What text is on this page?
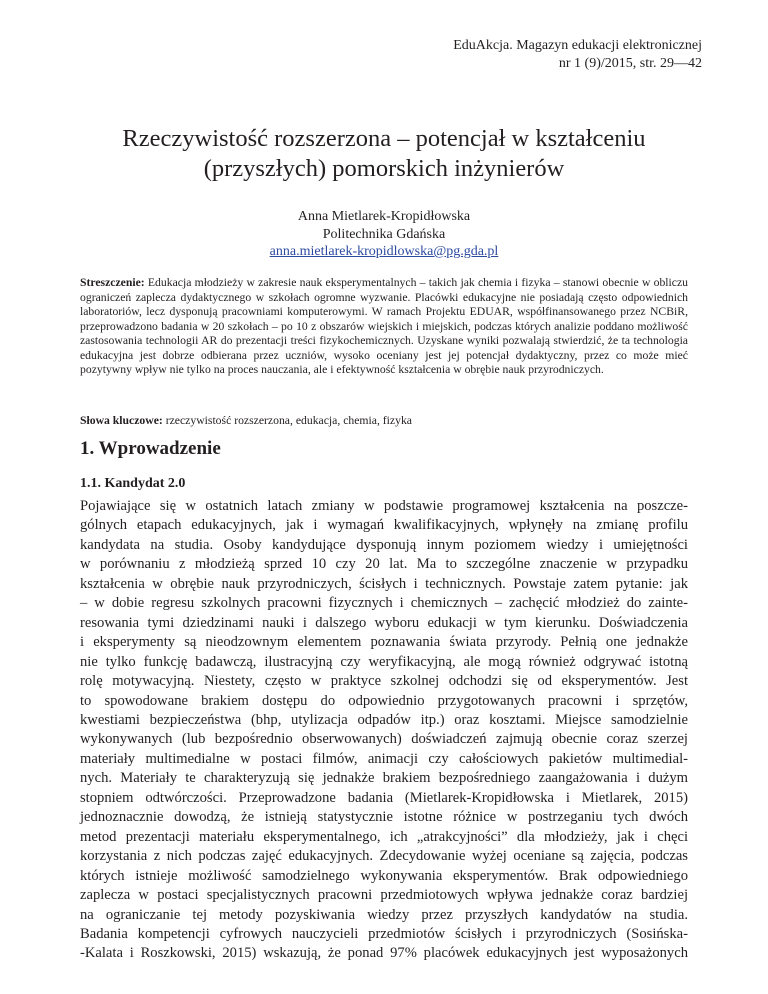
EduAkcja. Magazyn edukacji elektronicznej
nr 1 (9)/2015, str. 29—42
Rzeczywistość rozszerzona – potencjał w kształceniu
(przyszłych) pomorskich inżynierów
Anna Mietlarek-Kropidłowska
Politechnika Gdańska
anna.mietlarek-kropidlowska@pg.gda.pl
Streszczenie: Edukacja młodzieży w zakresie nauk eksperymentalnych – takich jak chemia i fizyka – stanowi obecnie w obliczu ograniczeń zaplecza dydaktycznego w szkołach ogromne wyzwanie. Placówki edukacyjne nie posiadają często odpowiednich laboratoriów, lecz dysponują pracowniami komputerowymi. W ramach Projektu EDUAR, współfinansowanego przez NCBiR, przeprowadzono badania w 20 szkołach – po 10 z obszarów wiejskich i miejskich, podczas których analizie poddano możliwość zastosowania technologii AR do prezentacji treści fizykochemicznych. Uzyskane wyniki pozwalają stwierdzić, że ta technologia edukacyjna jest dobrze odbierana przez uczniów, wysoko oceniany jest jej potencjał dydaktyczny, przez co może mieć pozytywny wpływ nie tylko na proces nauczania, ale i efektywność kształcenia w obrębie nauk przyrodniczych.
Słowa kluczowe: rzeczywistość rozszerzona, edukacja, chemia, fizyka
1. Wprowadzenie
1.1. Kandydat 2.0
Pojawiające się w ostatnich latach zmiany w podstawie programowej kształcenia na poszcze-
gólnych etapach edukacyjnych, jak i wymagań kwalifikacyjnych, wpłynęły na zmianę profilu
kandydata na studia. Osoby kandydujące dysponują innym poziomem wiedzy i umiejętności
w porównaniu z młodzieżą sprzed 10 czy 20 lat. Ma to szczególne znaczenie w przypadku
kształcenia w obrębie nauk przyrodniczych, ścisłych i technicznych. Powstaje zatem pytanie: jak
– w dobie regresu szkolnych pracowni fizycznych i chemicznych – zachęcić młodzież do zainte-
resowania tymi dziedzinami nauki i dalszego wyboru edukacji w tym kierunku. Doświadczenia
i eksperymenty są nieodzownym elementem poznawania świata przyrody. Pełnią one jednakże
nie tylko funkcję badawczą, ilustracyjną czy weryfikacyjną, ale mogą również odgrywać istotną
rolę motywacyjną. Niestety, często w praktyce szkolnej odchodzi się od eksperymentów. Jest
to spowodowane brakiem dostępu do odpowiednio przygotowanych pracowni i sprzętów,
kwestiami bezpieczeństwa (bhp, utylizacja odpadów itp.) oraz kosztami. Miejsce samodzielnie
wykonywanych (lub bezpośrednio obserwowanych) doświadczeń zajmują obecnie coraz szerzej
materiały multimedialne w postaci filmów, animacji czy całościowych pakietów multimedial-
nych. Materiały te charakteryzują się jednakże brakiem bezpośredniego zaangażowania i dużym
stopniem odtwórczości. Przeprowadzone badania (Mietlarek-Kropidłowska i Mietlarek, 2015)
jednoznacznie dowodzą, że istnieją statystycznie istotne różnice w postrzeganiu tych dwóch
metod prezentacji materiału eksperymentalnego, ich „atrakcyjności” dla młodzieży, jak i chęci
korzystania z nich podczas zajęć edukacyjnych. Zdecydowanie wyżej oceniane są zajęcia, podczas
których istnieje możliwość samodzielnego wykonywania eksperymentów. Brak odpowiedniego
zaplecza w postaci specjalistycznych pracowni przedmiotowych wpływa jednakże coraz bardziej
na ograniczanie tej metody pozyskiwania wiedzy przez przyszłych kandydatów na studia.
Badania kompetencji cyfrowych nauczycieli przedmiotów ścisłych i przyrodniczych (Sosińska-
-Kalata i Roszkowski, 2015) wskazują, że ponad 97% placówek edukacyjnych jest wyposażonych
